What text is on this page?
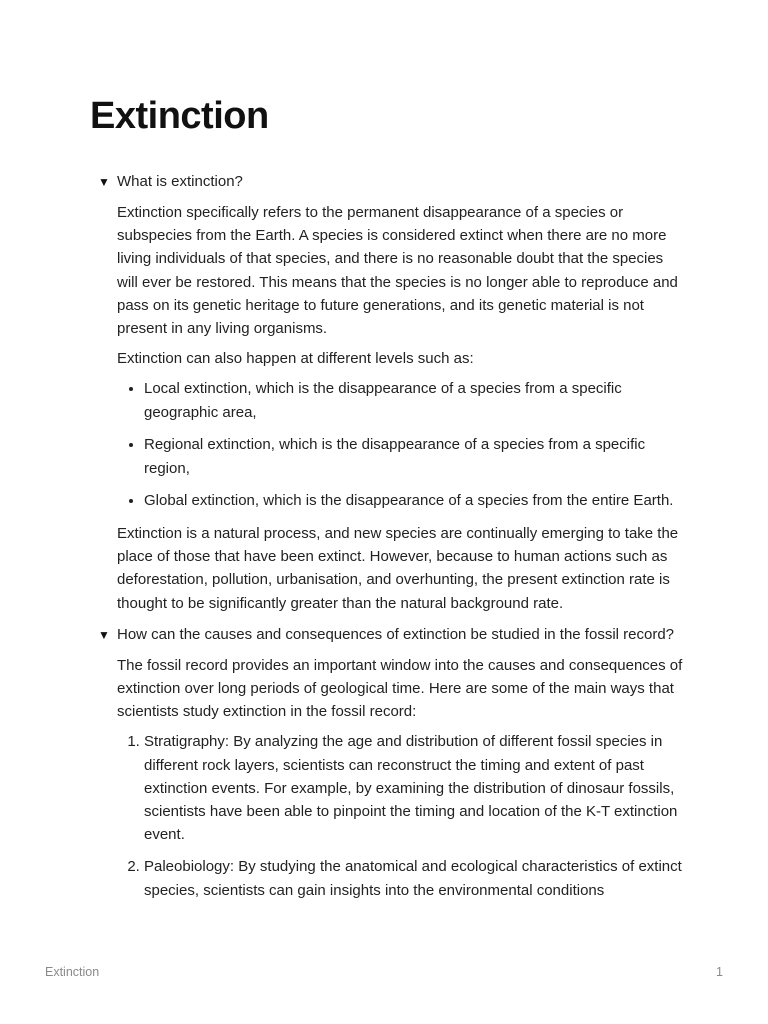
Extinction
▼ What is extinction?

Extinction specifically refers to the permanent disappearance of a species or subspecies from the Earth. A species is considered extinct when there are no more living individuals of that species, and there is no reasonable doubt that the species will ever be restored. This means that the species is no longer able to reproduce and pass on its genetic heritage to future generations, and its genetic material is not present in any living organisms.

Extinction can also happen at different levels such as:

• Local extinction, which is the disappearance of a species from a specific geographic area,
• Regional extinction, which is the disappearance of a species from a specific region,
• Global extinction, which is the disappearance of a species from the entire Earth.

Extinction is a natural process, and new species are continually emerging to take the place of those that have been extinct. However, because to human actions such as deforestation, pollution, urbanisation, and overhunting, the present extinction rate is thought to be significantly greater than the natural background rate.

▼ How can the causes and consequences of extinction be studied in the fossil record?

The fossil record provides an important window into the causes and consequences of extinction over long periods of geological time. Here are some of the main ways that scientists study extinction in the fossil record:

1. Stratigraphy: By analyzing the age and distribution of different fossil species in different rock layers, scientists can reconstruct the timing and extent of past extinction events. For example, by examining the distribution of dinosaur fossils, scientists have been able to pinpoint the timing and location of the K-T extinction event.
2. Paleobiology: By studying the anatomical and ecological characteristics of extinct species, scientists can gain insights into the environmental conditions
Extinction	1
